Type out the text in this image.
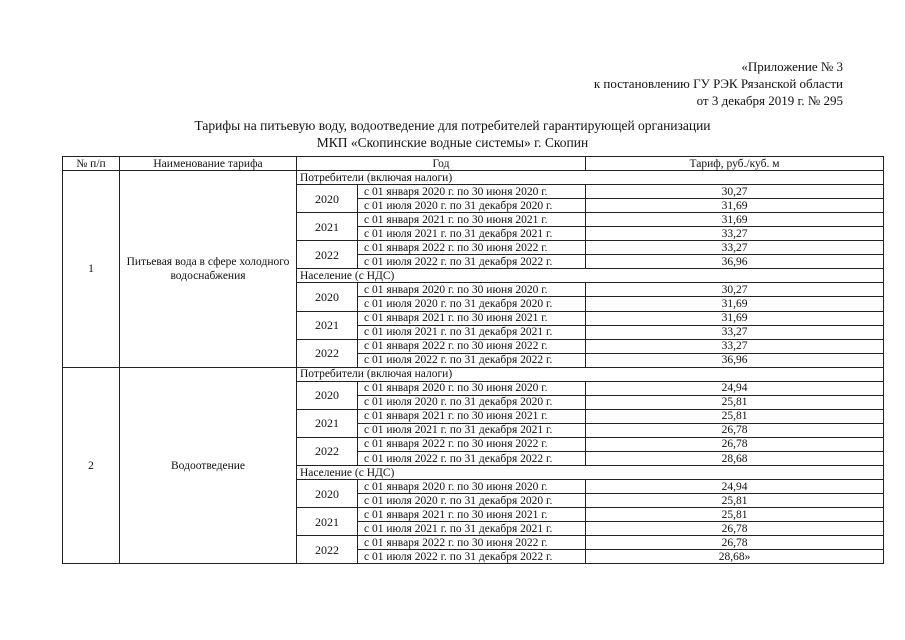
«Приложение № 3
к постановлению ГУ РЭК Рязанской области
от 3 декабря 2019 г. № 295
Тарифы на питьевую воду, водоотведение для потребителей гарантирующей организации
МКП «Скопинские водные системы» г. Скопин
№ п/п	Наименование тарифа	Год		Тариф, руб./куб. м
1	Питьевая вода в сфере холодного водоснабжения	Потребители (включая налоги)		
		2020	с 01 января 2020 г. по 30 июня 2020 г.	30,27
			с 01 июля 2020 г. по 31 декабря 2020 г.	31,69
		2021	с 01 января 2021 г. по 30 июня 2021 г.	31,69
			с 01 июля 2021 г. по 31 декабря 2021 г.	33,27
		2022	с 01 января 2022 г. по 30 июня 2022 г.	33,27
			с 01 июля 2022 г. по 31 декабря 2022 г.	36,96
		Население (с НДС)		
		2020	с 01 января 2020 г. по 30 июня 2020 г.	30,27
			с 01 июля 2020 г. по 31 декабря 2020 г.	31,69
		2021	с 01 января 2021 г. по 30 июня 2021 г.	31,69
			с 01 июля 2021 г. по 31 декабря 2021 г.	33,27
		2022	с 01 января 2022 г. по 30 июня 2022 г.	33,27
			с 01 июля 2022 г. по 31 декабря 2022 г.	36,96
2	Водоотведение	Потребители (включая налоги)		
		2020	с 01 января 2020 г. по 30 июня 2020 г.	24,94
			с 01 июля 2020 г. по 31 декабря 2020 г.	25,81
		2021	с 01 января 2021 г. по 30 июня 2021 г.	25,81
			с 01 июля 2021 г. по 31 декабря 2021 г.	26,78
		2022	с 01 января 2022 г. по 30 июня 2022 г.	26,78
			с 01 июля 2022 г. по 31 декабря 2022 г.	28,68
		Население (с НДС)		
		2020	с 01 января 2020 г. по 30 июня 2020 г.	24,94
			с 01 июля 2020 г. по 31 декабря 2020 г.	25,81
		2021	с 01 января 2021 г. по 30 июня 2021 г.	25,81
			с 01 июля 2021 г. по 31 декабря 2021 г.	26,78
		2022	с 01 января 2022 г. по 30 июня 2022 г.	26,78
			с 01 июля 2022 г. по 31 декабря 2022 г.	28,68»
